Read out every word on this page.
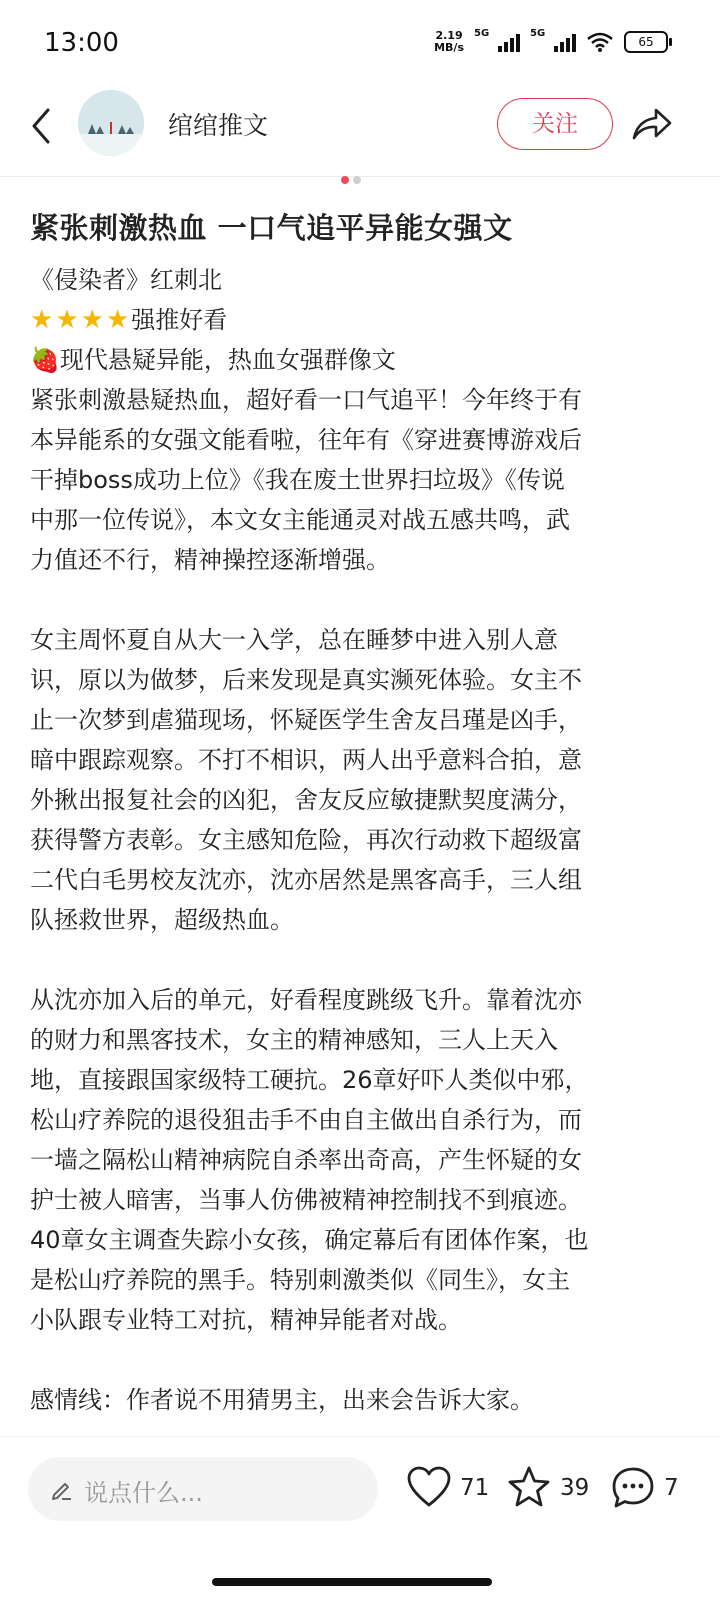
13:00	2.19
MB/s
5G	5G
65
绾绾推文	关注
紧张刺激热血 一口气追平异能女强文
《侵染者》红刺北
★★★★强推好看
🍓现代悬疑异能，热血女强群像文

紧张刺激悬疑热血，超好看一口气追平！今年终于有
本异能系的女强文能看啦，往年有《穿进赛博游戏后
干掉boss成功上位》《我在废土世界扫垃圾》《传说
中那一位传说》，本文女主能通灵对战五感共鸣，武
力值还不行，精神操控逐渐增强。

女主周怀夏自从大一入学，总在睡梦中进入别人意
识，原以为做梦，后来发现是真实濒死体验。女主不
止一次梦到虐猫现场，怀疑医学生舍友吕瑾是凶手，
暗中跟踪观察。不打不相识，两人出乎意料合拍，意
外揪出报复社会的凶犯，舍友反应敏捷默契度满分，
获得警方表彰。女主感知危险，再次行动救下超级富
二代白毛男校友沈亦，沈亦居然是黑客高手，三人组
队拯救世界，超级热血。

从沈亦加入后的单元，好看程度跳级飞升。靠着沈亦
的财力和黑客技术，女主的精神感知，三人上天入
地，直接跟国家级特工硬抗。26章好吓人类似中邪，
松山疗养院的退役狙击手不由自主做出自杀行为，而
一墙之隔松山精神病院自杀率出奇高，产生怀疑的女
护士被人暗害，当事人仿佛被精神控制找不到痕迹。
40章女主调查失踪小女孩，确定幕后有团体作案，也
是松山疗养院的黑手。特别刺激类似《同生》，女主
小队跟专业特工对抗，精神异能者对战。

感情线：作者说不用猜男主，出来会告诉大家。

说点什么...	71	39	7
